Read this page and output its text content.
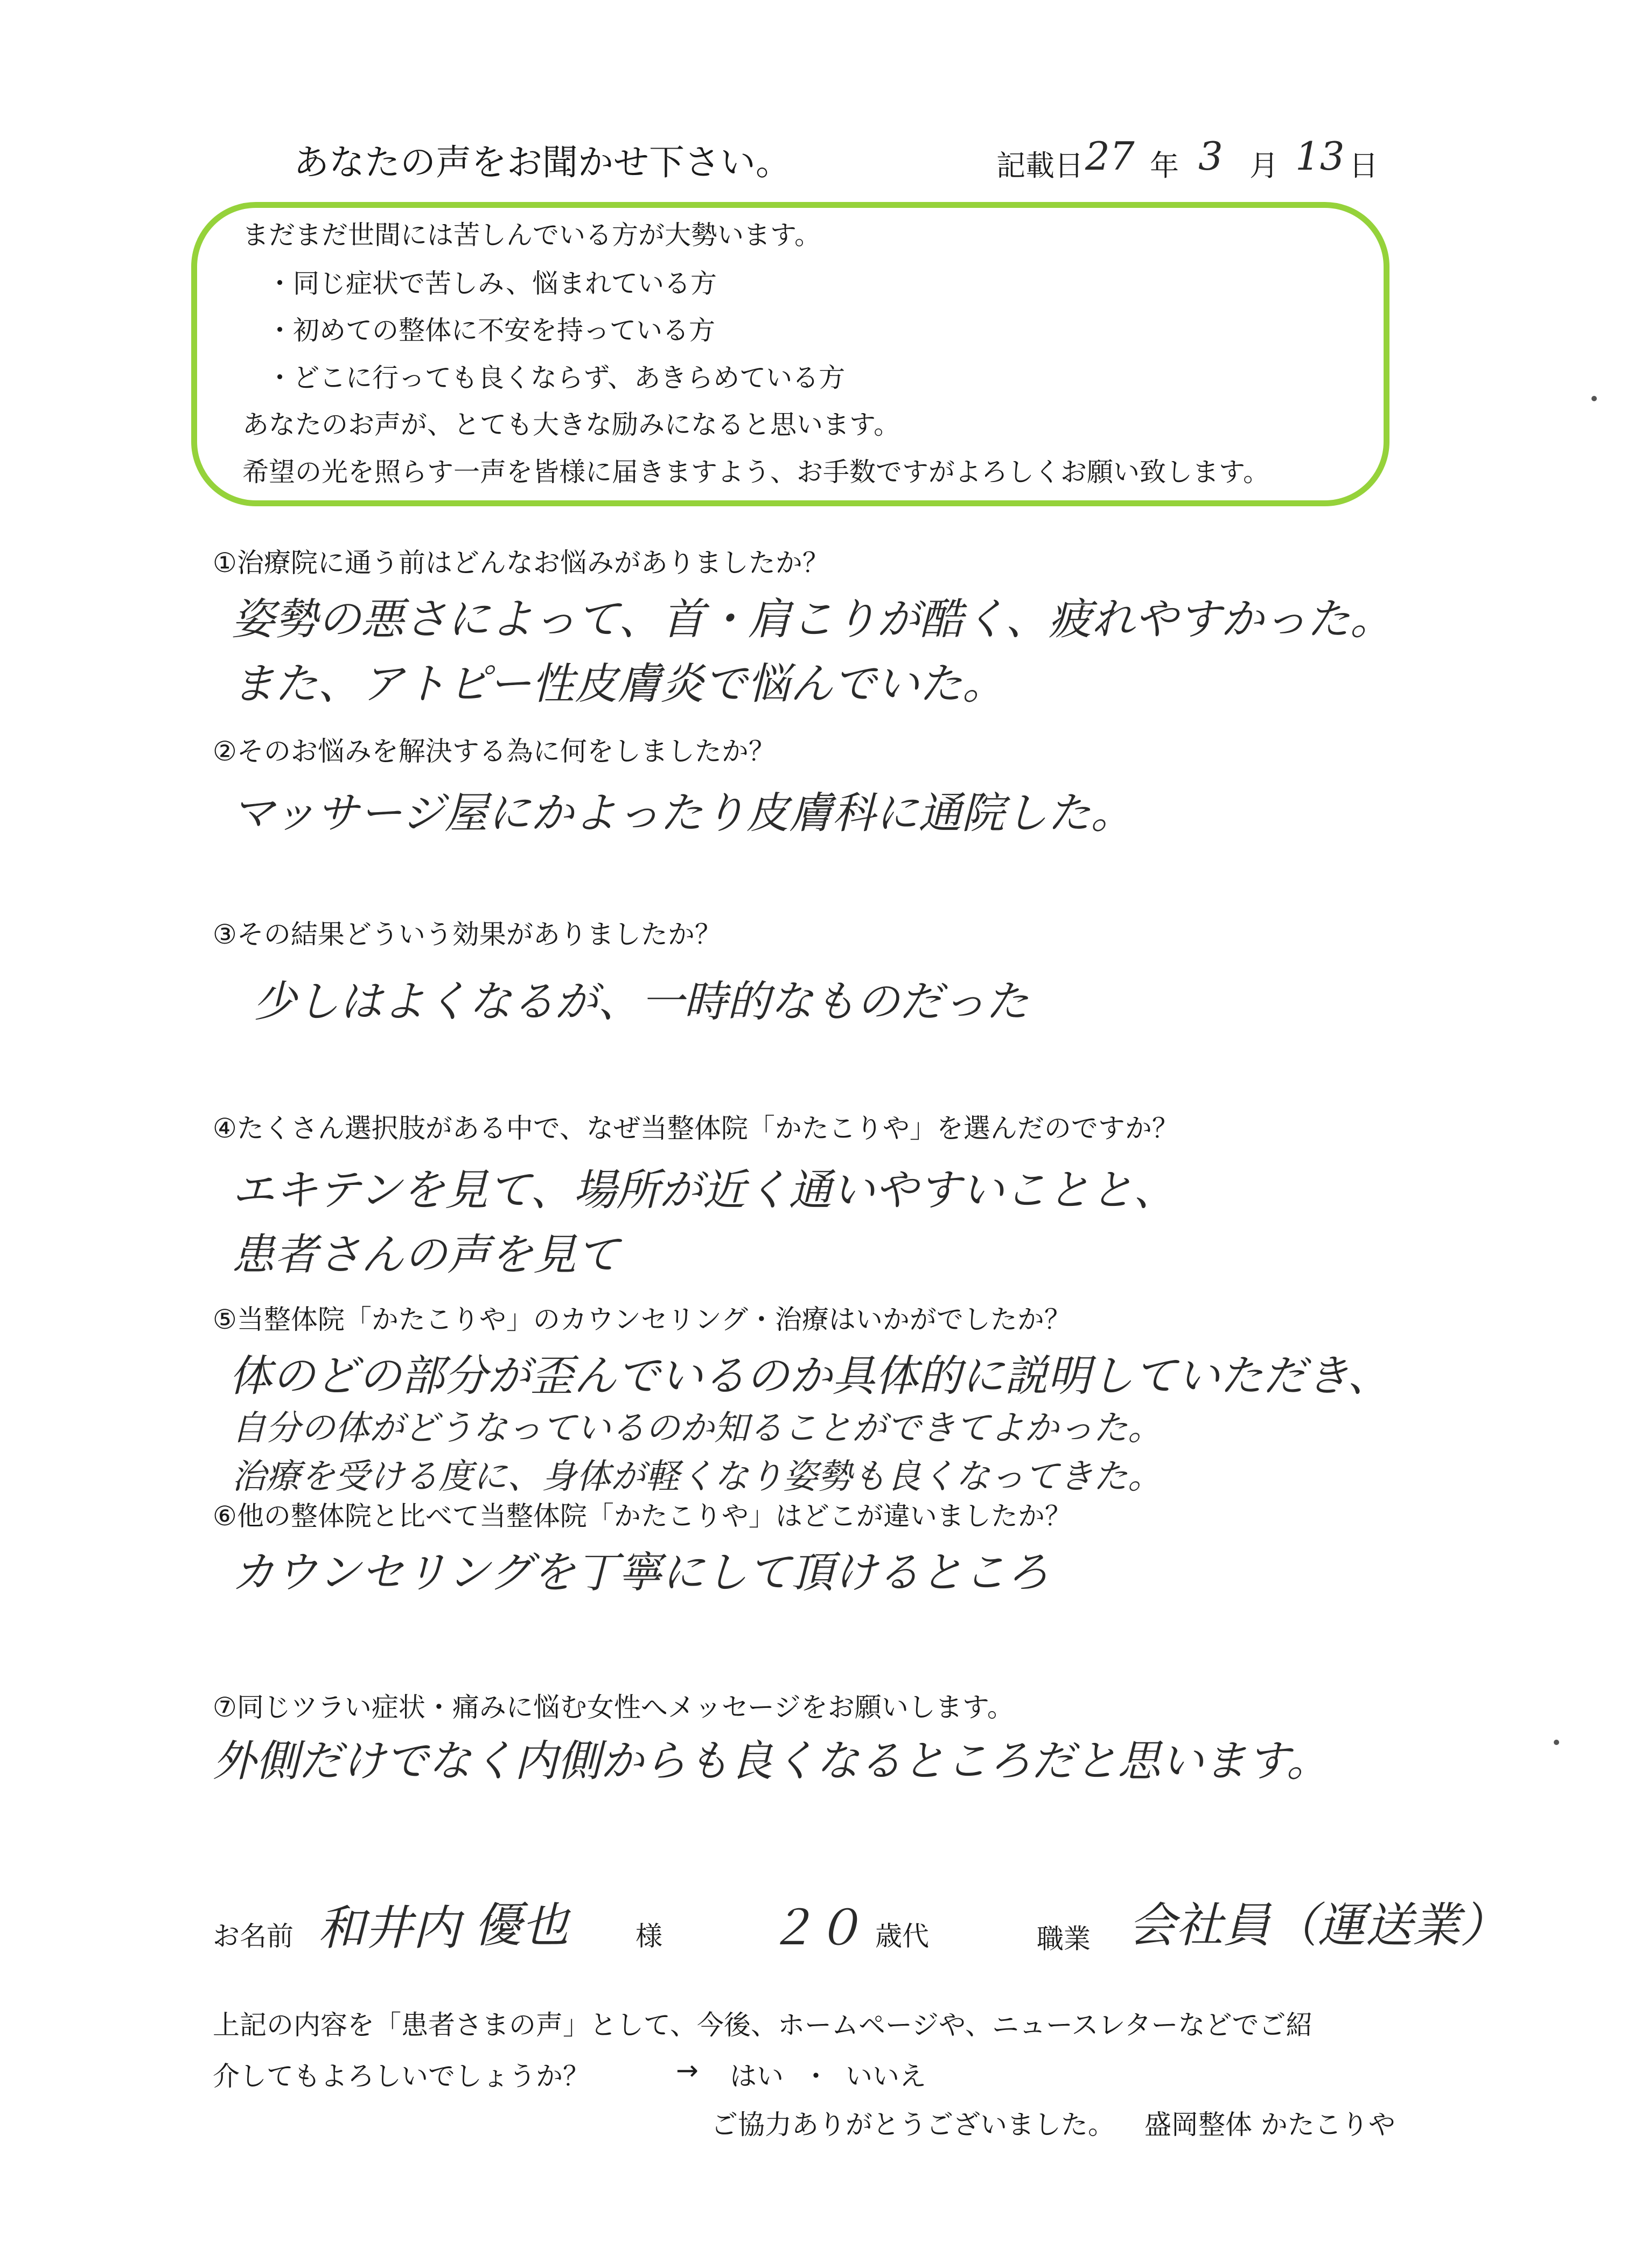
あなたの声をお聞かせ下さい。	記載日 27 年 3 月 13 日
まだまだ世間には苦しんでいる方が大勢います。
・同じ症状で苦しみ、悩まれている方
・初めての整体に不安を持っている方
・どこに行っても良くならず、あきらめている方
あなたのお声が、とても大きな励みになると思います。
希望の光を照らす一声を皆様に届きますよう、お手数ですがよろしくお願い致します。
①治療院に通う前はどんなお悩みがありましたか？
姿勢の悪さによって、首・肩こりが酷く、疲れやすかった。
また、アトピー性皮膚炎で悩んでいた。
②そのお悩みを解決する為に何をしましたか？
マッサージ屋にかよったり皮膚科に通院した。
③その結果どういう効果がありましたか？
少しはよくなるが、一時的なものだった
④たくさん選択肢がある中で、なぜ当整体院「かたこりや」を選んだのですか？
エキテンを見て、場所が近く通いやすいことと、
患者さんの声を見て
⑤当整体院「かたこりや」のカウンセリング・治療はいかがでしたか？
体のどの部分が歪んでいるのか具体的に説明していただき、
自分の体がどうなっているのか知ることができてよかった。
治療を受ける度に、身体が軽くなり姿勢も良くなってきた。
⑥他の整体院と比べて当整体院「かたこりや」はどこが違いましたか？
カウンセリングを丁寧にして頂けるところ
⑦同じツラい症状・痛みに悩む女性へメッセージをお願いします。
外側だけでなく内側からも良くなるところだと思います。
お名前 和井内 優也 様 ２０ 歳代	職業 会社員（運送業）
上記の内容を「患者さまの声」として、今後、ホームページや、ニュースレターなどでご紹
介してもよろしいでしょうか？	→ はい ・ いいえ
ご協力ありがとうございました。 盛岡整体 かたこりや
